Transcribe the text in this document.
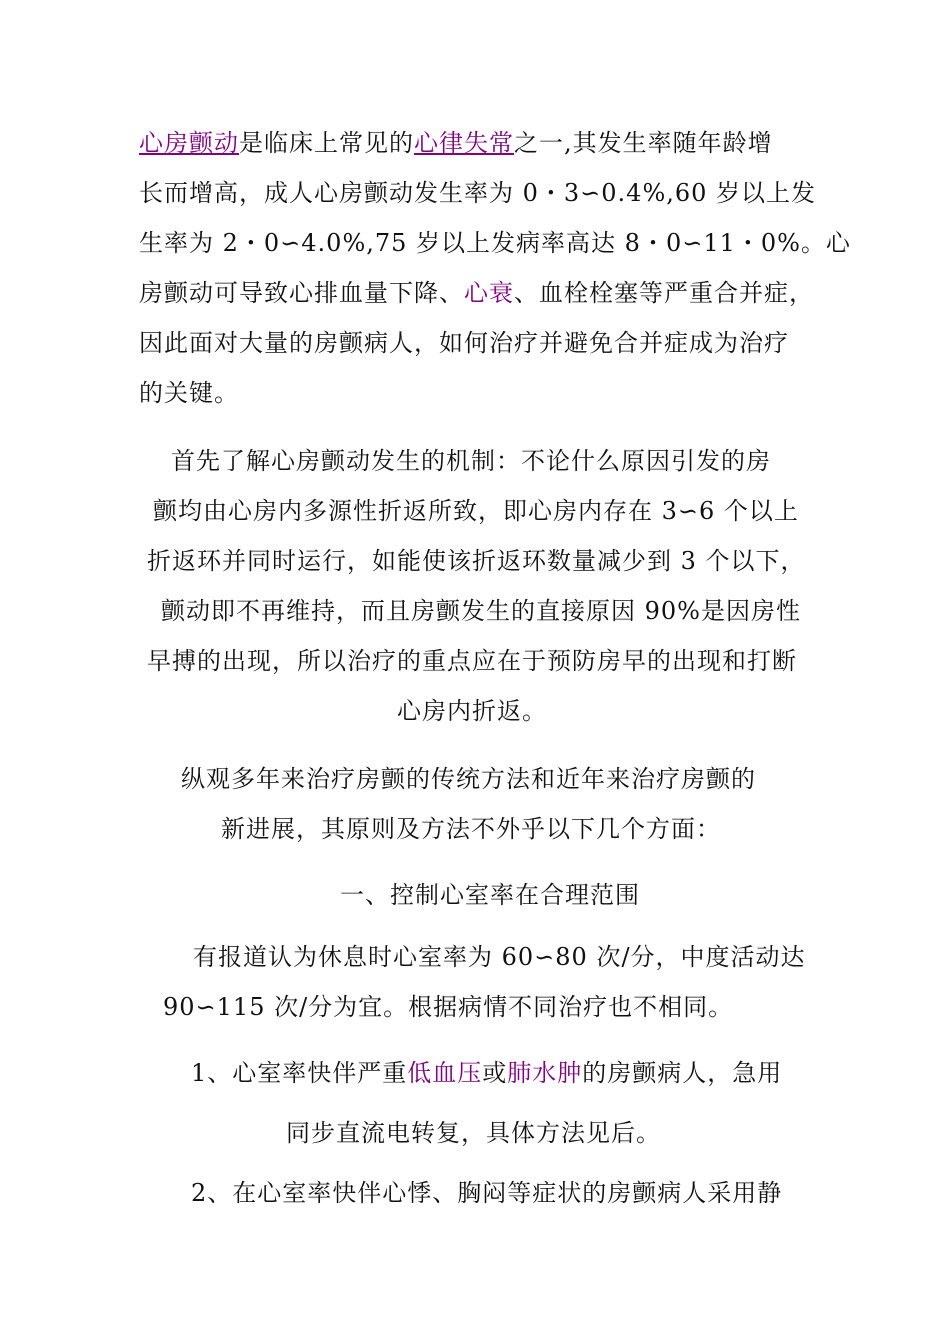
心房颤动是临床上常见的心律失常之一,其发生率随年龄增
长而增高，成人心房颤动发生率为 0・3∽0.4%,60 岁以上发
生率为 2・0∽4.0%,75 岁以上发病率高达 8・0∽11・0%。心
房颤动可导致心排血量下降、心衰、血栓栓塞等严重合并症，
因此面对大量的房颤病人，如何治疗并避免合并症成为治疗
的关键。
首先了解心房颤动发生的机制：不论什么原因引发的房
颤均由心房内多源性折返所致，即心房内存在 3∽6 个以上
折返环并同时运行，如能使该折返环数量减少到 3 个以下，
颤动即不再维持，而且房颤发生的直接原因 90%是因房性
早搏的出现，所以治疗的重点应在于预防房早的出现和打断
心房内折返。
纵观多年来治疗房颤的传统方法和近年来治疗房颤的
新进展，其原则及方法不外乎以下几个方面：
一、控制心室率在合理范围
有报道认为休息时心室率为 60∽80 次/分，中度活动达
90∽115 次/分为宜。根据病情不同治疗也不相同。
1、心室率快伴严重低血压或肺水肿的房颤病人，急用
同步直流电转复，具体方法见后。
2、在心室率快伴心悸、胸闷等症状的房颤病人采用静
